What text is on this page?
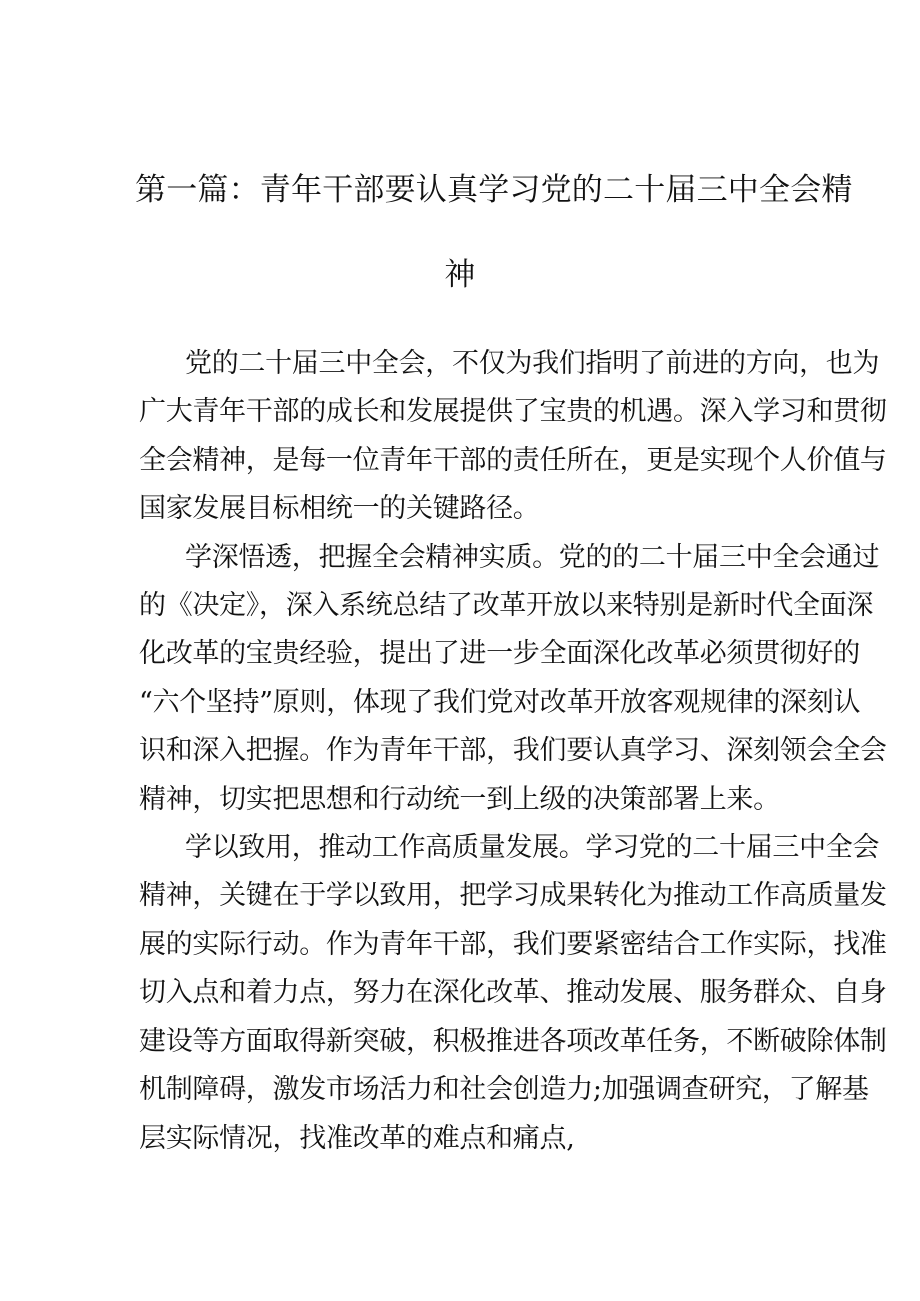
第一篇：青年干部要认真学习党的二十届三中全会精
神
党的二十届三中全会，不仅为我们指明了前进的方向，也为
广大青年干部的成长和发展提供了宝贵的机遇。深入学习和贯彻
全会精神，是每一位青年干部的责任所在，更是实现个人价值与
国家发展目标相统一的关键路径。
学深悟透，把握全会精神实质。党的的二十届三中全会通过
的《决定》，深入系统总结了改革开放以来特别是新时代全面深
化改革的宝贵经验，提出了进一步全面深化改革必须贯彻好的
“六个坚持”原则，体现了我们党对改革开放客观规律的深刻认
识和深入把握。作为青年干部，我们要认真学习、深刻领会全会
精神，切实把思想和行动统一到上级的决策部署上来。
学以致用，推动工作高质量发展。学习党的二十届三中全会
精神，关键在于学以致用，把学习成果转化为推动工作高质量发
展的实际行动。作为青年干部，我们要紧密结合工作实际，找准
切入点和着力点，努力在深化改革、推动发展、服务群众、自身
建设等方面取得新突破，积极推进各项改革任务，不断破除体制
机制障碍，激发市场活力和社会创造力;加强调查研究，了解基
层实际情况，找准改革的难点和痛点,
